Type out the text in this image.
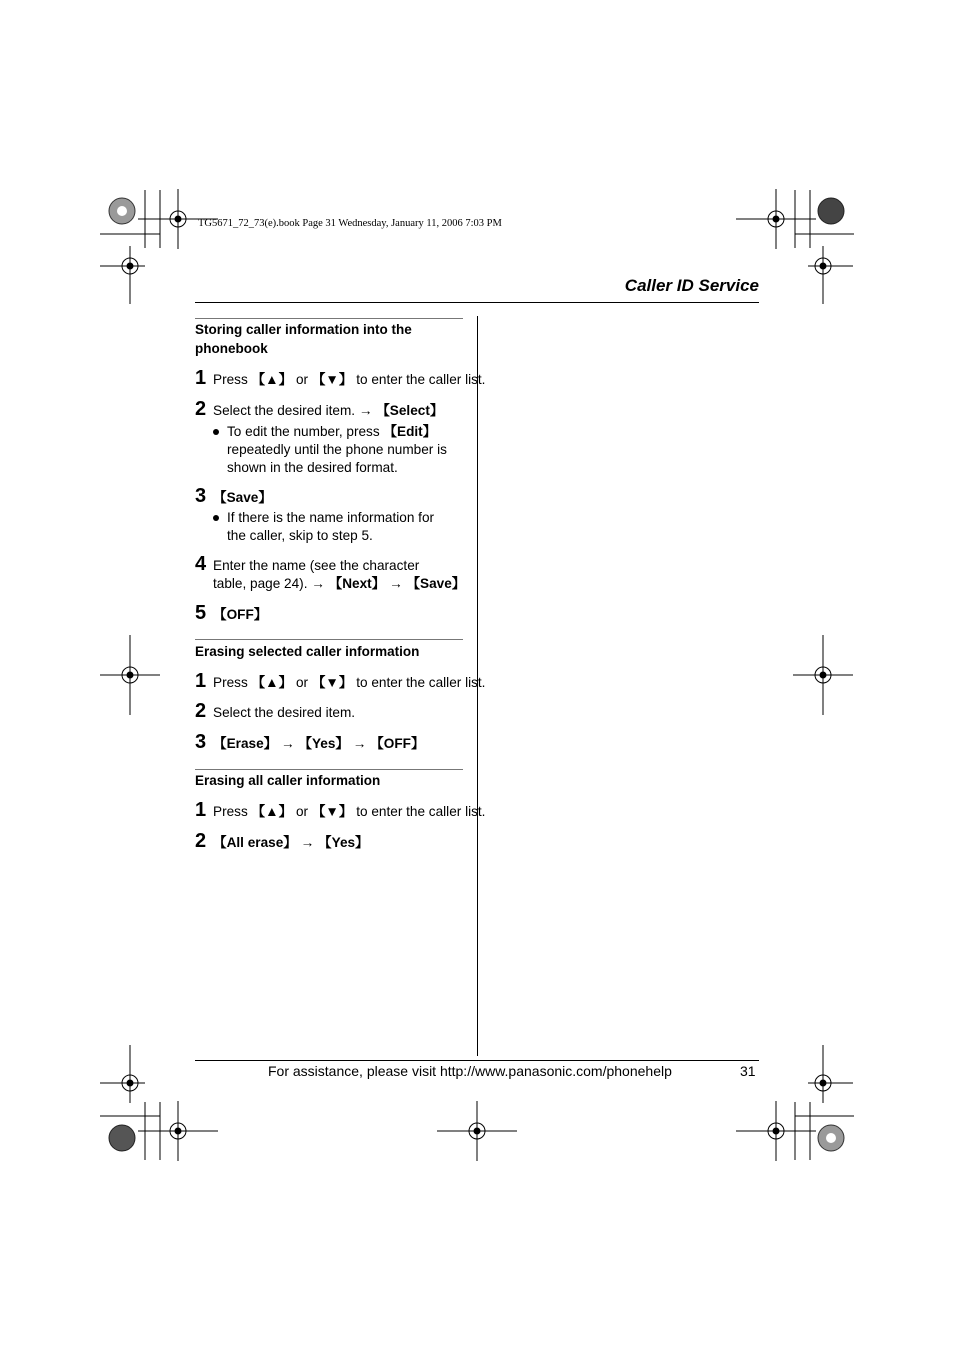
TG5671_72_73(e).book Page 31 Wednesday, January 11, 2006 7:03 PM
Caller ID Service
Storing caller information into the
phonebook
1 Press 【▲】 or 【▼】 to enter the caller list.
2 Select the desired item. → 【Select】
To edit the number, press 【Edit】
repeatedly until the phone number is
shown in the desired format.
3 【Save】
If there is the name information for
the caller, skip to step 5.
4 Enter the name (see the character
table, page 24). → 【Next】 → 【Save】
5 【OFF】
Erasing selected caller information
1 Press 【▲】 or 【▼】 to enter the caller list.
2 Select the desired item.
3 【Erase】 → 【Yes】 → 【OFF】
Erasing all caller information
1 Press 【▲】 or 【▼】 to enter the caller list.
2 【All erase】 → 【Yes】
For assistance, please visit http://www.panasonic.com/phonehelp	31
